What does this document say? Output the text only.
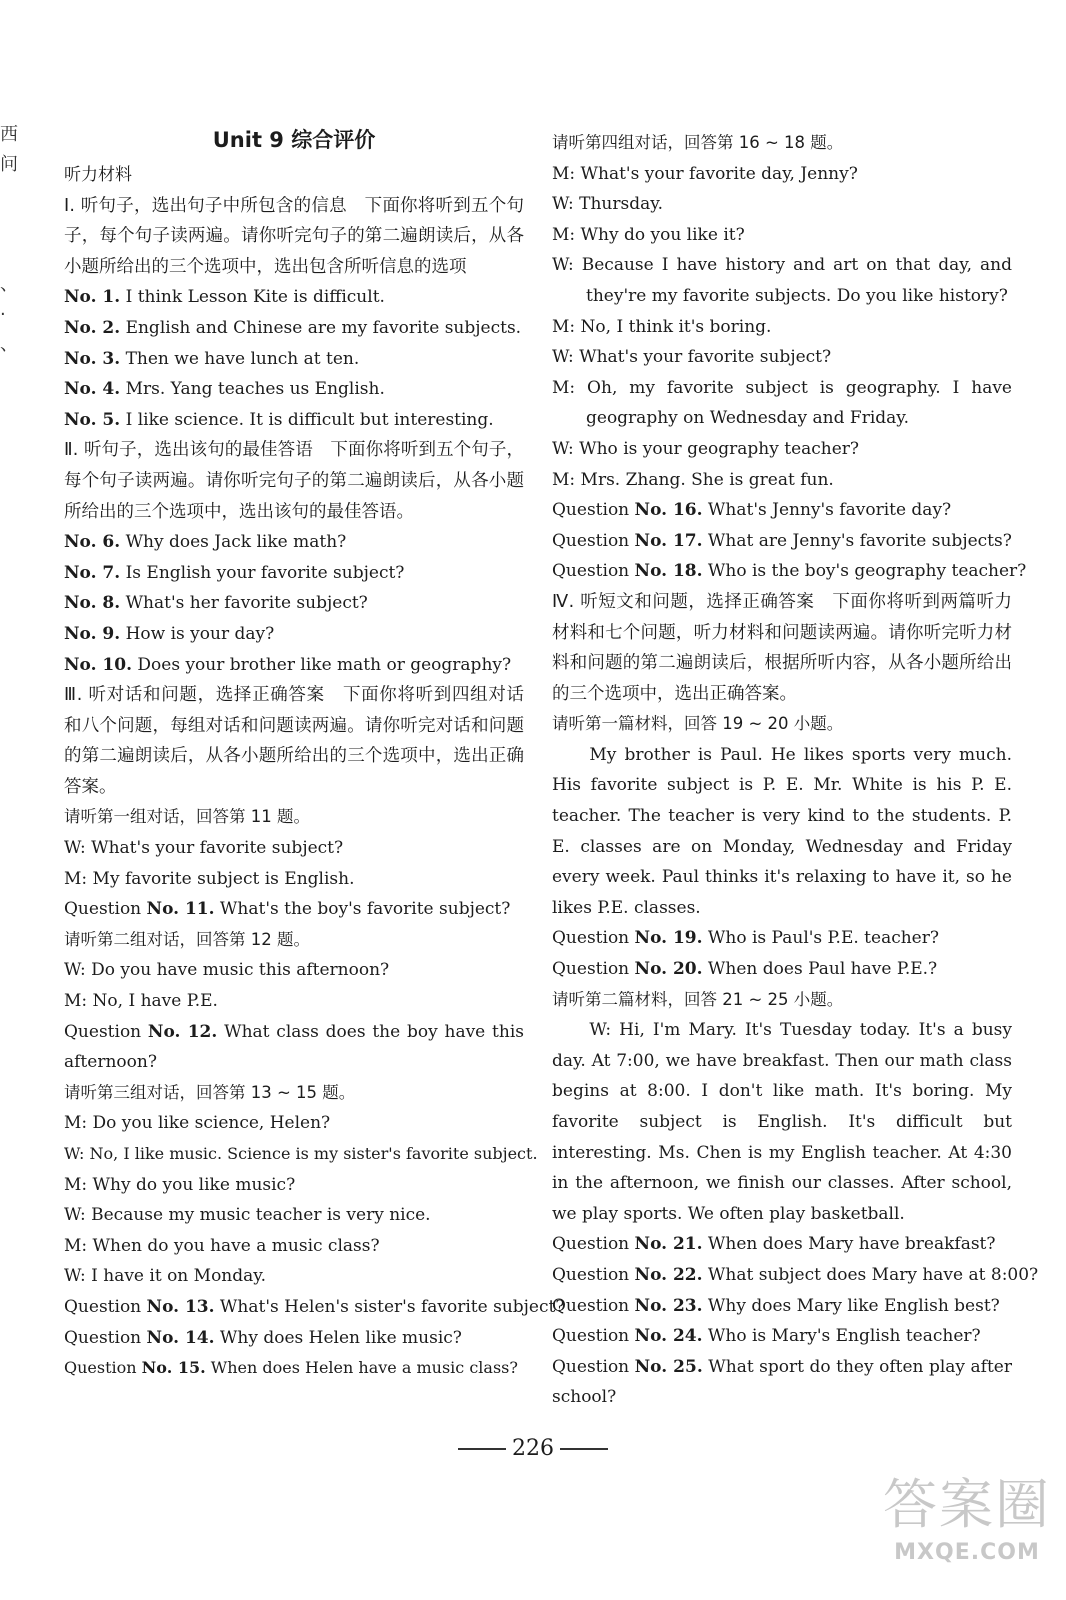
西
问
、
·
、
Unit 9 综合评价
听力材料
Ⅰ. 听句子，选出句子中所包含的信息　下面你将听到五个句子，每个句子读两遍。请你听完句子的第二遍朗读后，从各小题所给出的三个选项中，选出包含所听信息的选项
No. 1. I think Lesson Kite is difficult.
No. 2. English and Chinese are my favorite subjects.
No. 3. Then we have lunch at ten.
No. 4. Mrs. Yang teaches us English.
No. 5. I like science. It is difficult but interesting.
Ⅱ. 听句子，选出该句的最佳答语　下面你将听到五个句子，每个句子读两遍。请你听完句子的第二遍朗读后，从各小题所给出的三个选项中，选出该句的最佳答语。
No. 6. Why does Jack like math?
No. 7. Is English your favorite subject?
No. 8. What's her favorite subject?
No. 9. How is your day?
No. 10. Does your brother like math or geography?
Ⅲ. 听对话和问题，选择正确答案　下面你将听到四组对话和八个问题，每组对话和问题读两遍。请你听完对话和问题的第二遍朗读后，从各小题所给出的三个选项中，选出正确答案。
请听第一组对话，回答第 11 题。
W: What's your favorite subject?
M: My favorite subject is English.
Question No. 11. What's the boy's favorite subject?
请听第二组对话，回答第 12 题。
W: Do you have music this afternoon?
M: No, I have P.E.
Question No. 12. What class does the boy have this afternoon?
请听第三组对话，回答第 13 ~ 15 题。
M: Do you like science, Helen?
W: No, I like music. Science is my sister's favorite subject.
M: Why do you like music?
W: Because my music teacher is very nice.
M: When do you have a music class?
W: I have it on Monday.
Question No. 13. What's Helen's sister's favorite subject?
Question No. 14. Why does Helen like music?
Question No. 15. When does Helen have a music class?
请听第四组对话，回答第 16 ~ 18 题。
M: What's your favorite day, Jenny?
W: Thursday.
M: Why do you like it?
W: Because I have history and art on that day, and they're my favorite subjects. Do you like history?
M: No, I think it's boring.
W: What's your favorite subject?
M: Oh, my favorite subject is geography. I have geography on Wednesday and Friday.
W: Who is your geography teacher?
M: Mrs. Zhang. She is great fun.
Question No. 16. What's Jenny's favorite day?
Question No. 17. What are Jenny's favorite subjects?
Question No. 18. Who is the boy's geography teacher?
Ⅳ. 听短文和问题，选择正确答案　下面你将听到两篇听力材料和七个问题，听力材料和问题读两遍。请你听完听力材料和问题的第二遍朗读后，根据所听内容，从各小题所给出的三个选项中，选出正确答案。
请听第一篇材料，回答 19 ~ 20 小题。
My brother is Paul. He likes sports very much. His favorite subject is P. E. Mr. White is his P. E. teacher. The teacher is very kind to the students. P. E. classes are on Monday, Wednesday and Friday every week. Paul thinks it's relaxing to have it, so he likes P.E. classes.
Question No. 19. Who is Paul's P.E. teacher?
Question No. 20. When does Paul have P.E.?
请听第二篇材料，回答 21 ~ 25 小题。
W: Hi, I'm Mary. It's Tuesday today. It's a busy day. At 7:00, we have breakfast. Then our math class begins at 8:00. I don't like math. It's boring. My favorite subject is English. It's difficult but interesting. Ms. Chen is my English teacher. At 4:30 in the afternoon, we finish our classes. After school, we play sports. We often play basketball.
Question No. 21. When does Mary have breakfast?
Question No. 22. What subject does Mary have at 8:00?
Question No. 23. Why does Mary like English best?
Question No. 24. Who is Mary's English teacher?
Question No. 25. What sport do they often play after school?
226
答案圈
MXQE.COM
